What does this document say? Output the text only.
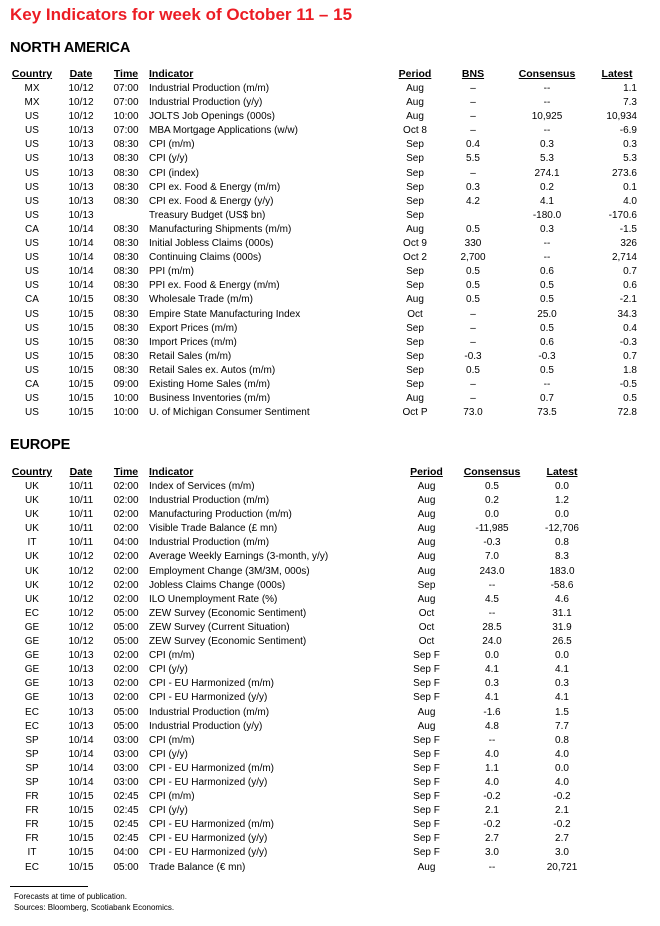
Key Indicators for week of October 11 – 15
NORTH AMERICA
Country	Date	Time	Indicator	Period	BNS	Consensus	Latest
MX	10/12	07:00	Industrial Production (m/m)	Aug	–	--	1.1
MX	10/12	07:00	Industrial Production (y/y)	Aug	–	--	7.3
US	10/12	10:00	JOLTS Job Openings (000s)	Aug	–	10,925	10,934
US	10/13	07:00	MBA Mortgage Applications (w/w)	Oct 8	–	--	-6.9
US	10/13	08:30	CPI (m/m)	Sep	0.4	0.3	0.3
US	10/13	08:30	CPI (y/y)	Sep	5.5	5.3	5.3
US	10/13	08:30	CPI (index)	Sep	–	274.1	273.6
US	10/13	08:30	CPI ex. Food & Energy (m/m)	Sep	0.3	0.2	0.1
US	10/13	08:30	CPI ex. Food & Energy (y/y)	Sep	4.2	4.1	4.0
US	10/13		Treasury Budget (US$ bn)	Sep		-180.0	-170.6
CA	10/14	08:30	Manufacturing Shipments (m/m)	Aug	0.5	0.3	-1.5
US	10/14	08:30	Initial Jobless Claims (000s)	Oct 9	330	--	326
US	10/14	08:30	Continuing Claims (000s)	Oct 2	2,700	--	2,714
US	10/14	08:30	PPI (m/m)	Sep	0.5	0.6	0.7
US	10/14	08:30	PPI ex. Food & Energy (m/m)	Sep	0.5	0.5	0.6
CA	10/15	08:30	Wholesale Trade (m/m)	Aug	0.5	0.5	-2.1
US	10/15	08:30	Empire State Manufacturing Index	Oct	–	25.0	34.3
US	10/15	08:30	Export Prices (m/m)	Sep	–	0.5	0.4
US	10/15	08:30	Import Prices (m/m)	Sep	–	0.6	-0.3
US	10/15	08:30	Retail Sales (m/m)	Sep	-0.3	-0.3	0.7
US	10/15	08:30	Retail Sales ex. Autos (m/m)	Sep	0.5	0.5	1.8
CA	10/15	09:00	Existing Home Sales (m/m)	Sep	–	--	-0.5
US	10/15	10:00	Business Inventories (m/m)	Aug	–	0.7	0.5
US	10/15	10:00	U. of Michigan Consumer Sentiment	Oct P	73.0	73.5	72.8
EUROPE
Country	Date	Time	Indicator	Period	Consensus	Latest
UK	10/11	02:00	Index of Services (m/m)	Aug	0.5	0.0
UK	10/11	02:00	Industrial Production (m/m)	Aug	0.2	1.2
UK	10/11	02:00	Manufacturing Production (m/m)	Aug	0.0	0.0
UK	10/11	02:00	Visible Trade Balance (£ mn)	Aug	-11,985	-12,706
IT	10/11	04:00	Industrial Production (m/m)	Aug	-0.3	0.8
UK	10/12	02:00	Average Weekly Earnings (3-month, y/y)	Aug	7.0	8.3
UK	10/12	02:00	Employment Change (3M/3M, 000s)	Aug	243.0	183.0
UK	10/12	02:00	Jobless Claims Change (000s)	Sep	--	-58.6
UK	10/12	02:00	ILO Unemployment Rate (%)	Aug	4.5	4.6
EC	10/12	05:00	ZEW Survey (Economic Sentiment)	Oct	--	31.1
GE	10/12	05:00	ZEW Survey (Current Situation)	Oct	28.5	31.9
GE	10/12	05:00	ZEW Survey (Economic Sentiment)	Oct	24.0	26.5
GE	10/13	02:00	CPI (m/m)	Sep F	0.0	0.0
GE	10/13	02:00	CPI (y/y)	Sep F	4.1	4.1
GE	10/13	02:00	CPI - EU Harmonized (m/m)	Sep F	0.3	0.3
GE	10/13	02:00	CPI - EU Harmonized (y/y)	Sep F	4.1	4.1
EC	10/13	05:00	Industrial Production (m/m)	Aug	-1.6	1.5
EC	10/13	05:00	Industrial Production (y/y)	Aug	4.8	7.7
SP	10/14	03:00	CPI (m/m)	Sep F	--	0.8
SP	10/14	03:00	CPI (y/y)	Sep F	4.0	4.0
SP	10/14	03:00	CPI - EU Harmonized (m/m)	Sep F	1.1	0.0
SP	10/14	03:00	CPI - EU Harmonized (y/y)	Sep F	4.0	4.0
FR	10/15	02:45	CPI (m/m)	Sep F	-0.2	-0.2
FR	10/15	02:45	CPI (y/y)	Sep F	2.1	2.1
FR	10/15	02:45	CPI - EU Harmonized (m/m)	Sep F	-0.2	-0.2
FR	10/15	02:45	CPI - EU Harmonized (y/y)	Sep F	2.7	2.7
IT	10/15	04:00	CPI - EU Harmonized (y/y)	Sep F	3.0	3.0
EC	10/15	05:00	Trade Balance (€ mn)	Aug	--	20,721
Forecasts at time of publication.
Sources: Bloomberg, Scotiabank Economics.
